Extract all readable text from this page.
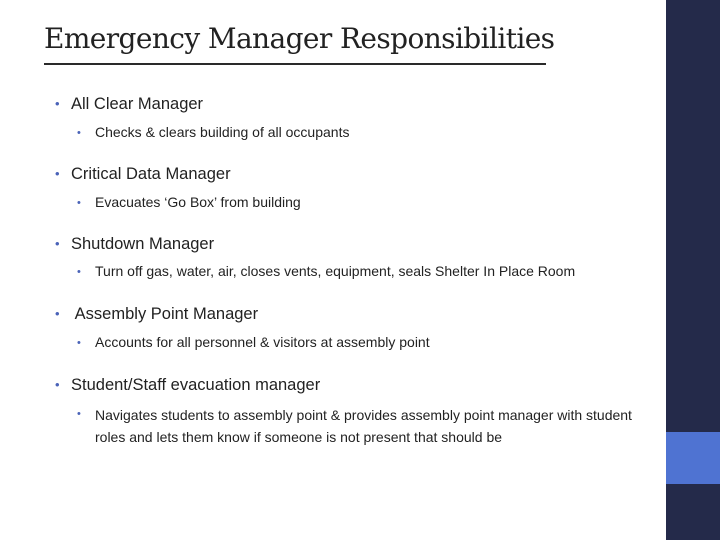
Emergency Manager Responsibilities
• All Clear Manager
• Checks & clears building of all occupants
• Critical Data Manager
• Evacuates ‘Go Box’ from building
• Shutdown Manager
• Turn off gas, water, air, closes vents, equipment, seals Shelter In Place Room
• Assembly Point Manager
• Accounts for all personnel & visitors at assembly point
• Student/Staff evacuation manager
•	Navigates students to assembly point & provides assembly point manager with student roles and lets them know if someone is not present that should be
